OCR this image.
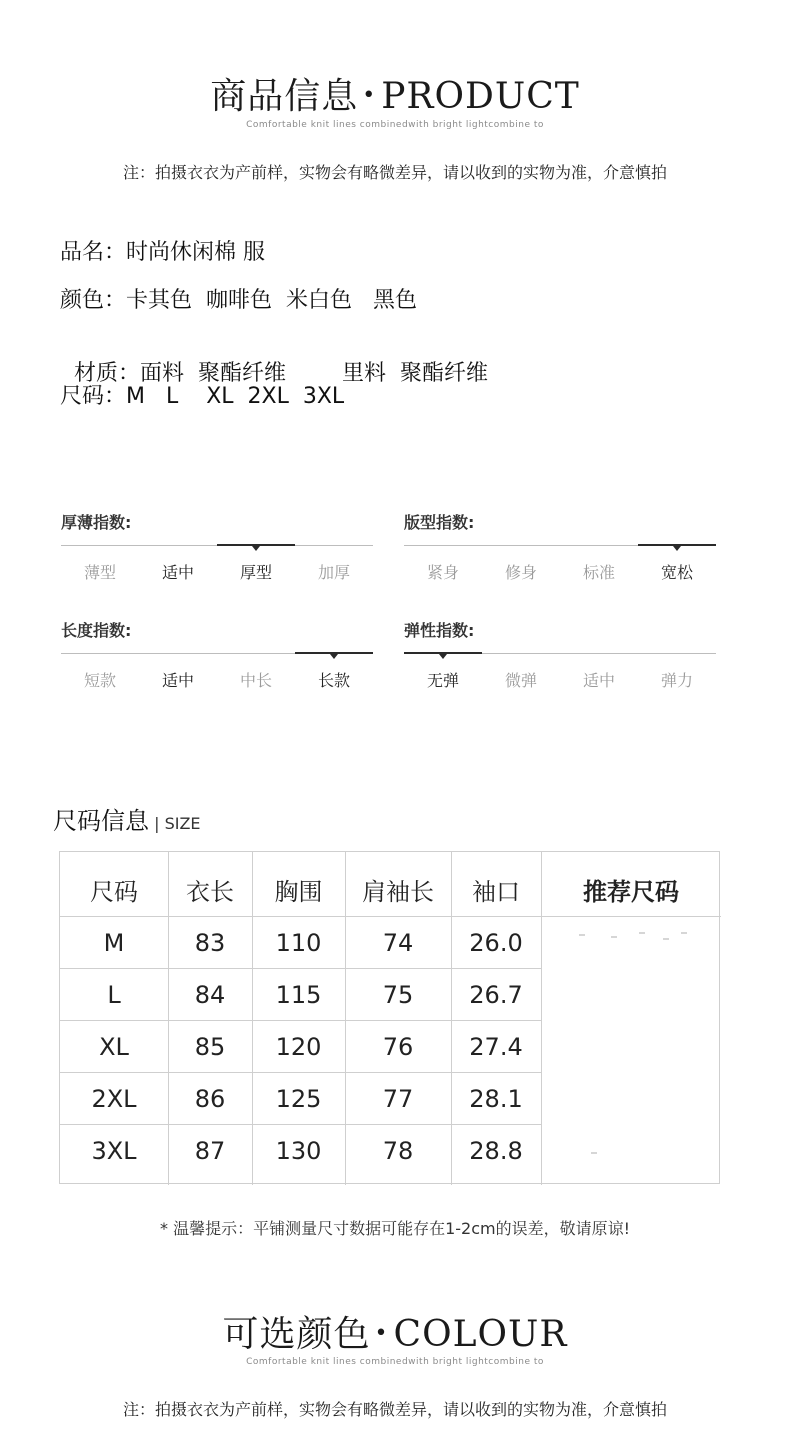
商品信息 • PRODUCT
Comfortable knit lines combinedwith bright lightcombine to
注：拍摄衣衣为产前样，实物会有略微差异，请以收到的实物为准，介意慎拍
品名：时尚休闲棉 服
颜色：卡其色  咖啡色  米白色   黑色

材质：面料  聚酯纤维	里料  聚酯纤维

尺码：M   L    XL  2XL  3XL
厚薄指数:
薄型	适中	厚型	加厚
版型指数:
紧身	修身	标准	宽松
长度指数:
短款	适中	中长	长款
弹性指数:
无弹	微弹	适中	弹力
尺码信息 | SIZE
尺码	衣长	胸围	肩袖长	袖口	推荐尺码
M	83	110	74	26.0
L	84	115	75	26.7
XL	85	120	76	27.4
2XL	86	125	77	28.1
3XL	87	130	78	28.8
* 温馨提示：平铺测量尺寸数据可能存在1-2cm的误差，敬请原谅!
可选颜色 • COLOUR
Comfortable knit lines combinedwith bright lightcombine to
注：拍摄衣衣为产前样，实物会有略微差异，请以收到的实物为准，介意慎拍
